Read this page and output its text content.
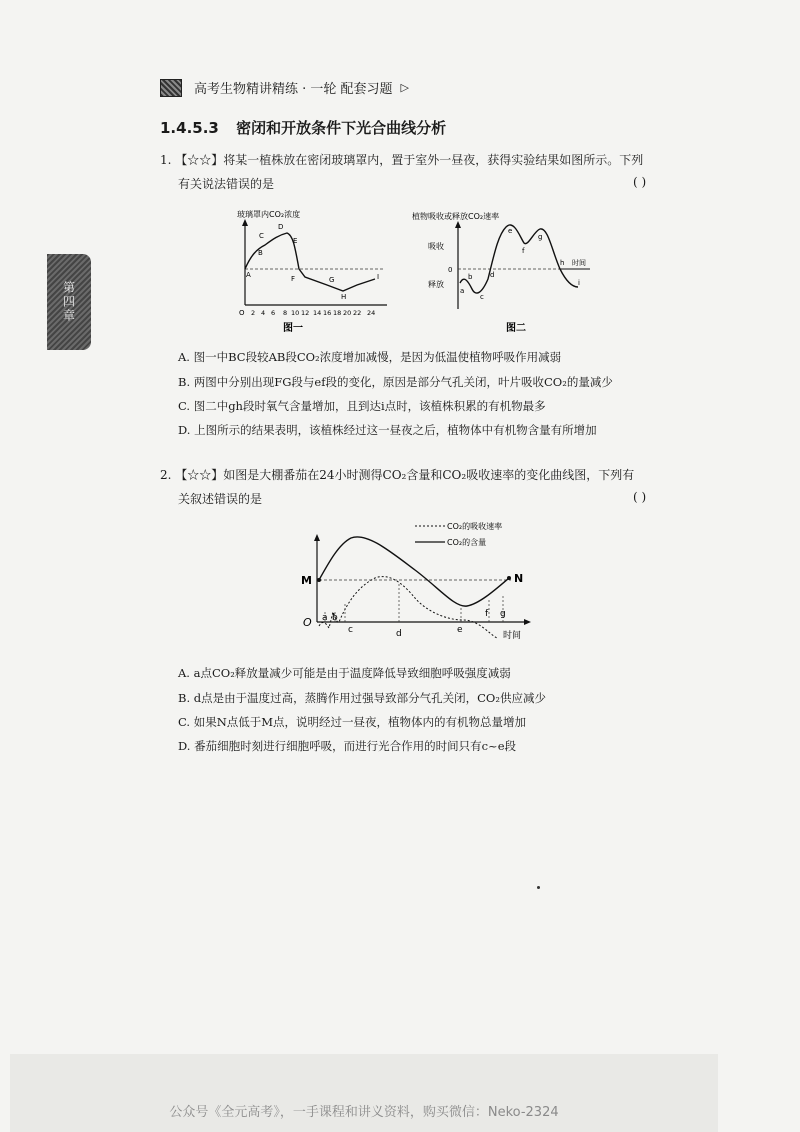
高考生物精讲精练 · 一轮 配套习题 ▷
1.4.5.3 密闭和开放条件下光合曲线分析
第四章
1. 【☆☆】将某一植株放在密闭玻璃罩内，置于室外一昼夜，获得实验结果如图所示。下列
有关说法错误的是	( )
玻璃罩内CO₂浓度
A
B
C
D
E
F	G
H
I
O 2 4 6 8 10 12 14 16 18 20 22 24
图一
植物吸收或释放CO₂速率
吸收
释放
0
时间
a
b
c
d
e
f
g
h
i
图二
A. 图一中BC段较AB段CO₂浓度增加减慢，是因为低温使植物呼吸作用减弱
B. 两图中分别出现FG段与ef段的变化，原因是部分气孔关闭，叶片吸收CO₂的量减少
C. 图二中gh段时氧气含量增加，且到达i点时，该植株积累的有机物最多
D. 上图所示的结果表明，该植株经过这一昼夜之后，植物体中有机物含量有所增加
2. 【☆☆】如图是大棚番茄在24小时测得CO₂含量和CO₂吸收速率的变化曲线图，下列有
关叙述错误的是	( )
CO₂的吸收速率
CO₂的含量
M	N
O
时间
a b
c	d	e
f g
A. a点CO₂释放量减少可能是由于温度降低导致细胞呼吸强度减弱
B. d点是由于温度过高，蒸腾作用过强导致部分气孔关闭，CO₂供应减少
C. 如果N点低于M点，说明经过一昼夜，植物体内的有机物总量增加
D. 番茄细胞时刻进行细胞呼吸，而进行光合作用的时间只有c~e段
公众号《全元高考》，一手课程和讲义资料，购买微信：Neko-2324
